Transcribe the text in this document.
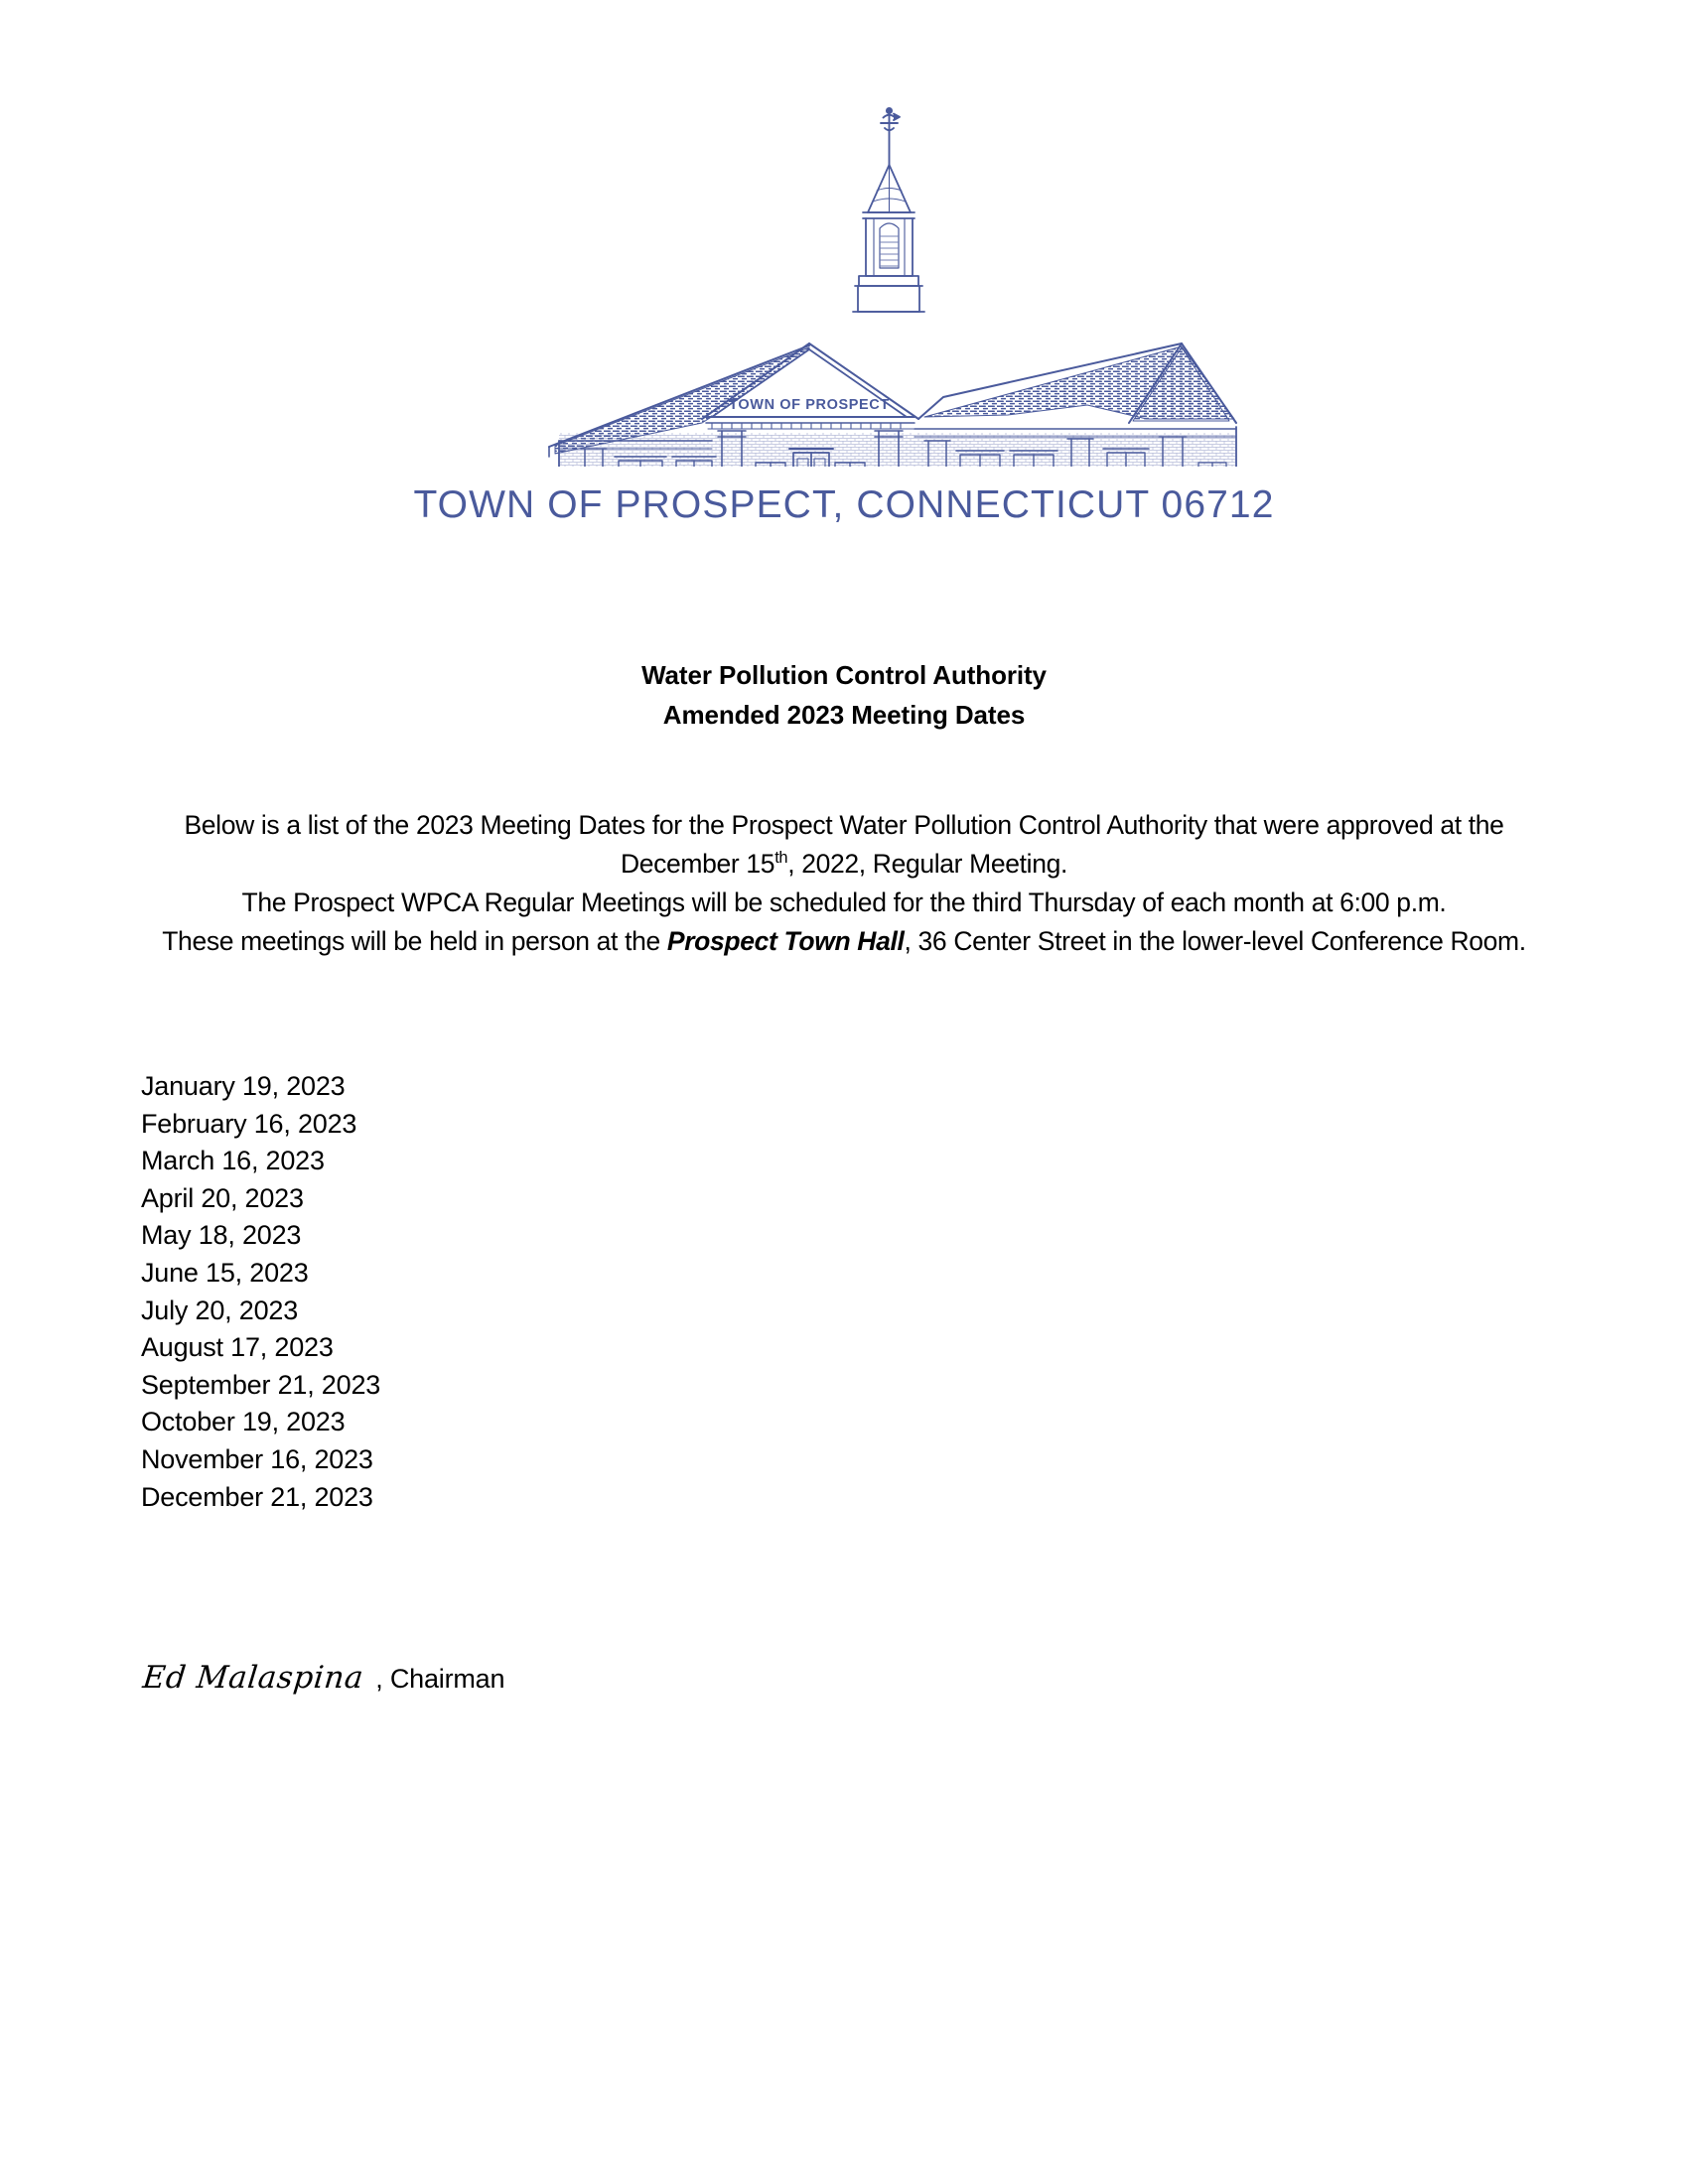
TOWN OF PROSPECT
TOWN OF PROSPECT, CONNECTICUT 06712
Water Pollution Control Authority
Amended 2023 Meeting Dates
Below is a list of the 2023 Meeting Dates for the Prospect Water Pollution Control Authority that were approved at the
December 15th, 2022, Regular Meeting.
The Prospect WPCA Regular Meetings will be scheduled for the third Thursday of each month at 6:00 p.m.
These meetings will be held in person at the Prospect Town Hall, 36 Center Street in the lower-level Conference Room.
January 19, 2023
February 16, 2023
March 16, 2023
April 20, 2023
May 18, 2023
June 15, 2023
July 20, 2023
August 17, 2023
September 21, 2023
October 19, 2023
November 16, 2023
December 21, 2023
Ed Malaspina , Chairman
